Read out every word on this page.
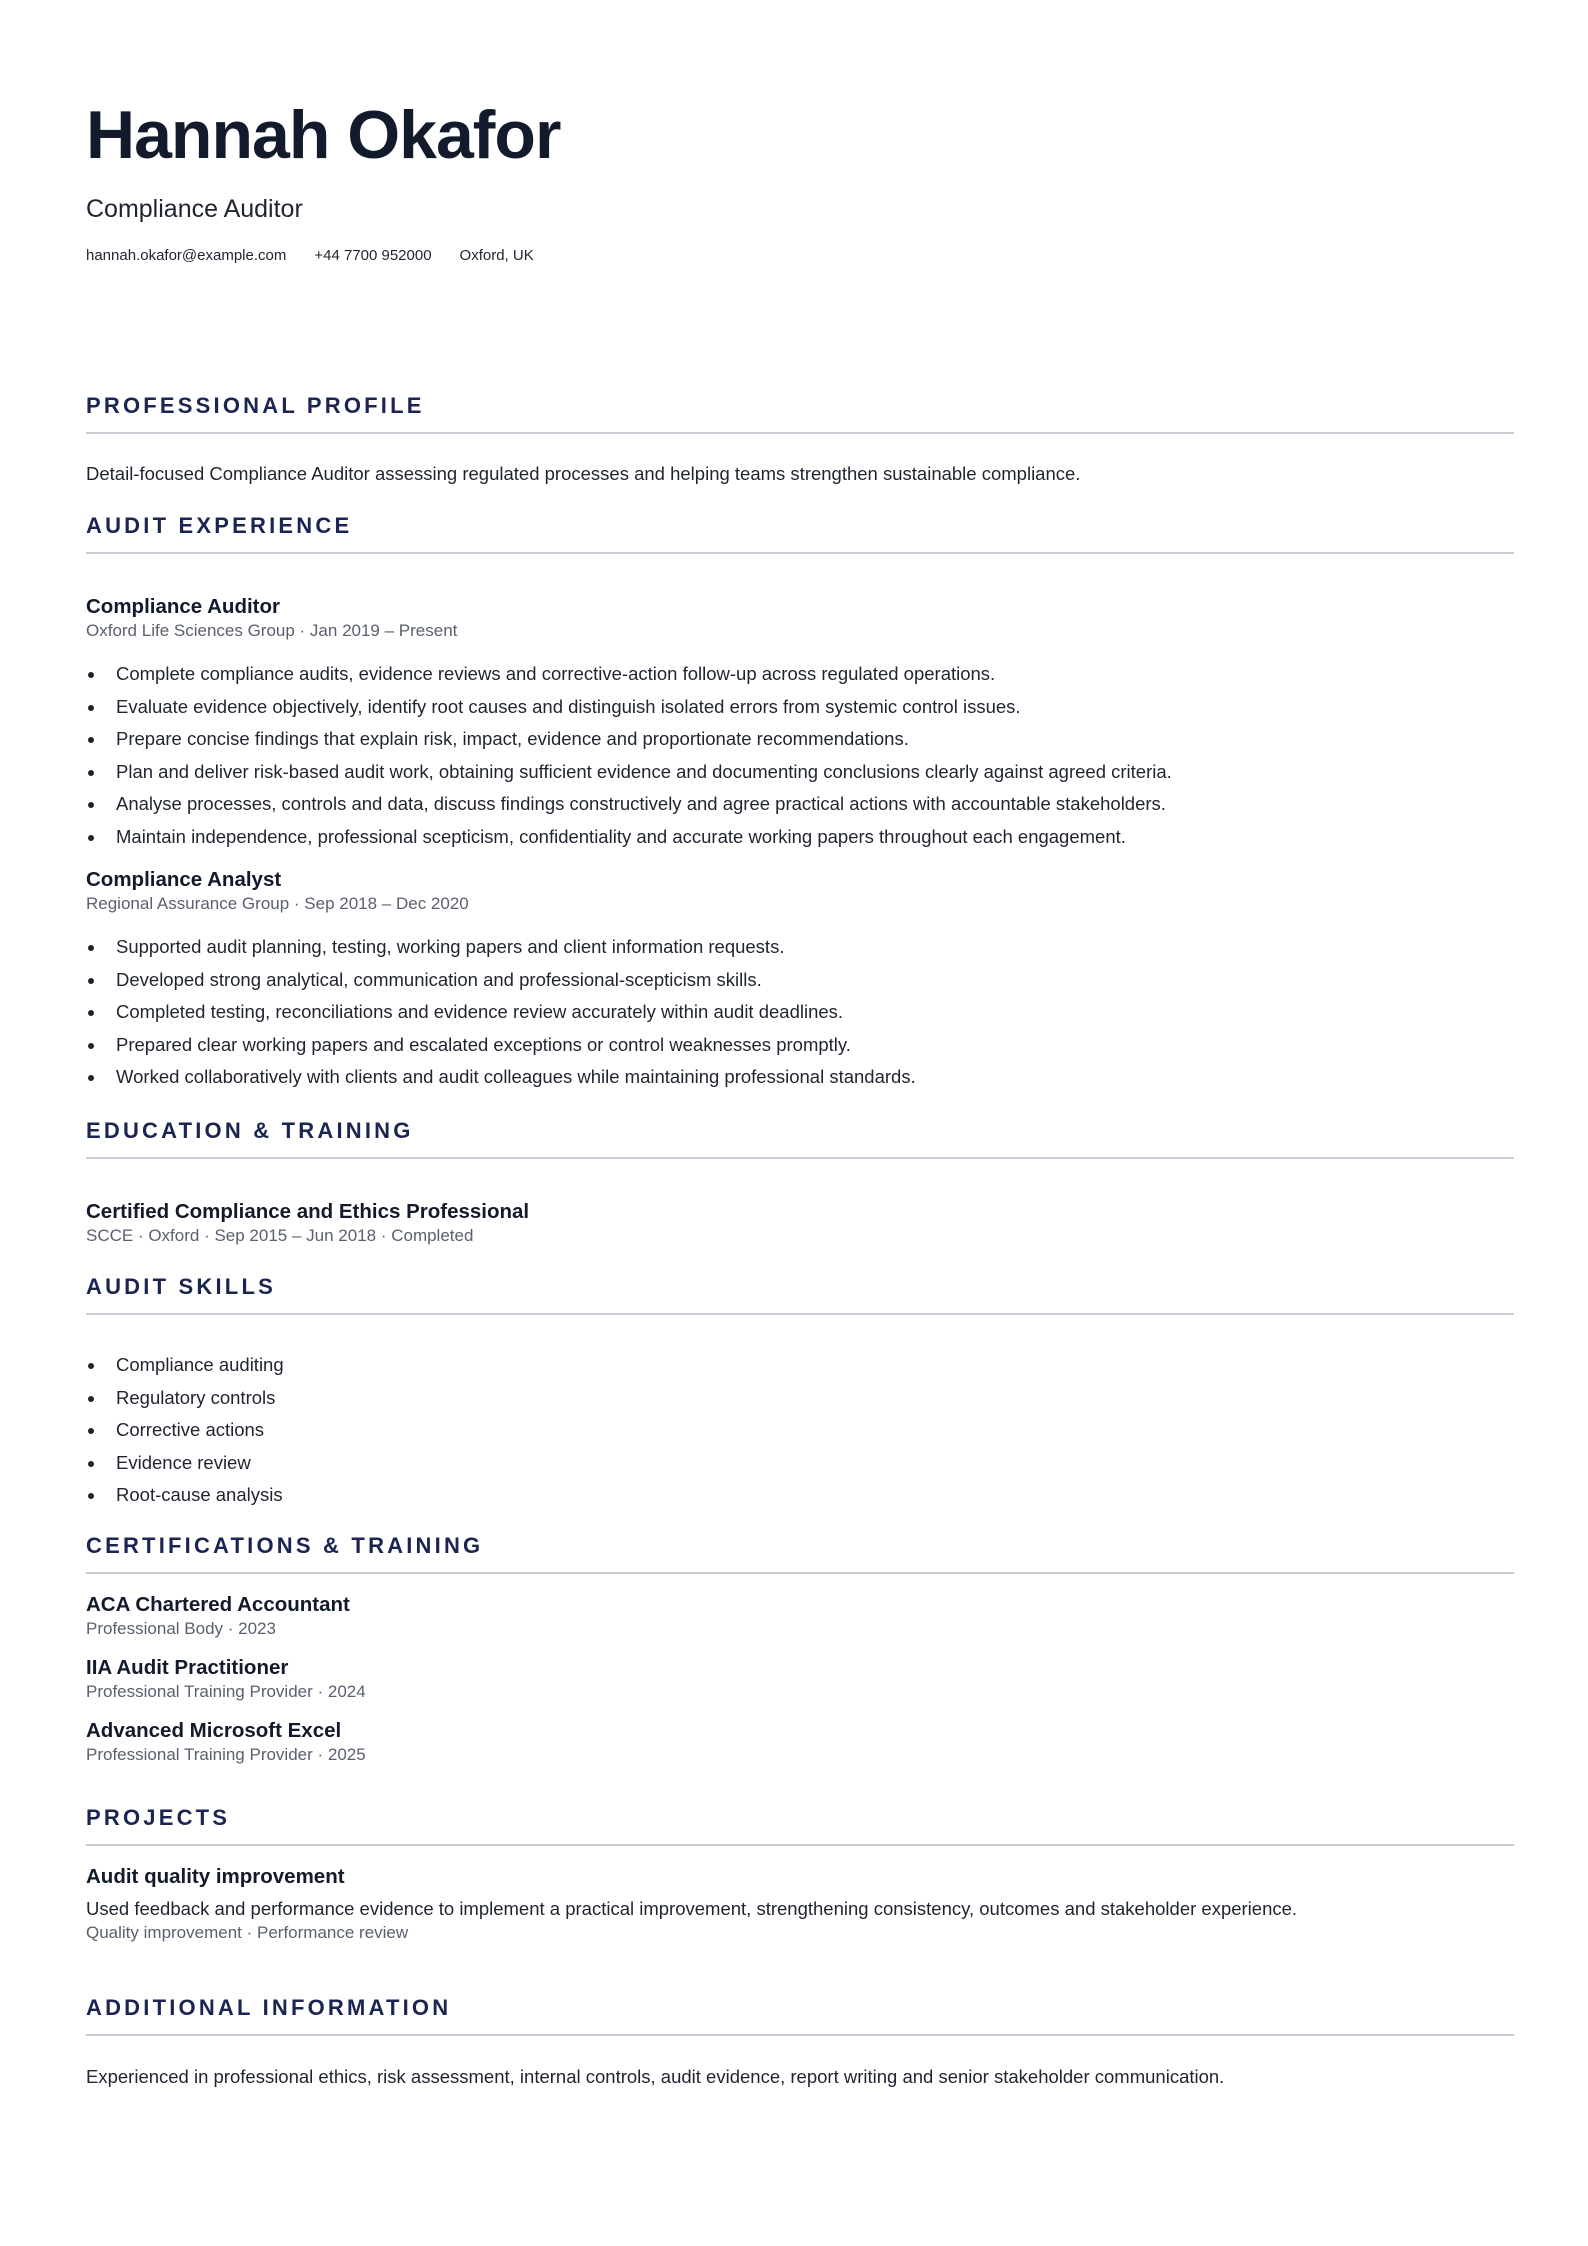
Hannah Okafor
Compliance Auditor
hannah.okafor@example.com +44 7700 952000 Oxford, UK
PROFESSIONAL PROFILE
Detail-focused Compliance Auditor assessing regulated processes and helping teams strengthen sustainable compliance.
AUDIT EXPERIENCE
Compliance Auditor
Oxford Life Sciences Group · Jan 2019 – Present
Complete compliance audits, evidence reviews and corrective-action follow-up across regulated operations.
Evaluate evidence objectively, identify root causes and distinguish isolated errors from systemic control issues.
Prepare concise findings that explain risk, impact, evidence and proportionate recommendations.
Plan and deliver risk-based audit work, obtaining sufficient evidence and documenting conclusions clearly against agreed criteria.
Analyse processes, controls and data, discuss findings constructively and agree practical actions with accountable stakeholders.
Maintain independence, professional scepticism, confidentiality and accurate working papers throughout each engagement.
Compliance Analyst
Regional Assurance Group · Sep 2018 – Dec 2020
Supported audit planning, testing, working papers and client information requests.
Developed strong analytical, communication and professional-scepticism skills.
Completed testing, reconciliations and evidence review accurately within audit deadlines.
Prepared clear working papers and escalated exceptions or control weaknesses promptly.
Worked collaboratively with clients and audit colleagues while maintaining professional standards.
EDUCATION & TRAINING
Certified Compliance and Ethics Professional
SCCE · Oxford · Sep 2015 – Jun 2018 · Completed
AUDIT SKILLS
Compliance auditing
Regulatory controls
Corrective actions
Evidence review
Root-cause analysis
CERTIFICATIONS & TRAINING
ACA Chartered Accountant
Professional Body · 2023
IIA Audit Practitioner
Professional Training Provider · 2024
Advanced Microsoft Excel
Professional Training Provider · 2025
PROJECTS
Audit quality improvement
Used feedback and performance evidence to implement a practical improvement, strengthening consistency, outcomes and stakeholder experience.
Quality improvement · Performance review
ADDITIONAL INFORMATION
Experienced in professional ethics, risk assessment, internal controls, audit evidence, report writing and senior stakeholder communication.
